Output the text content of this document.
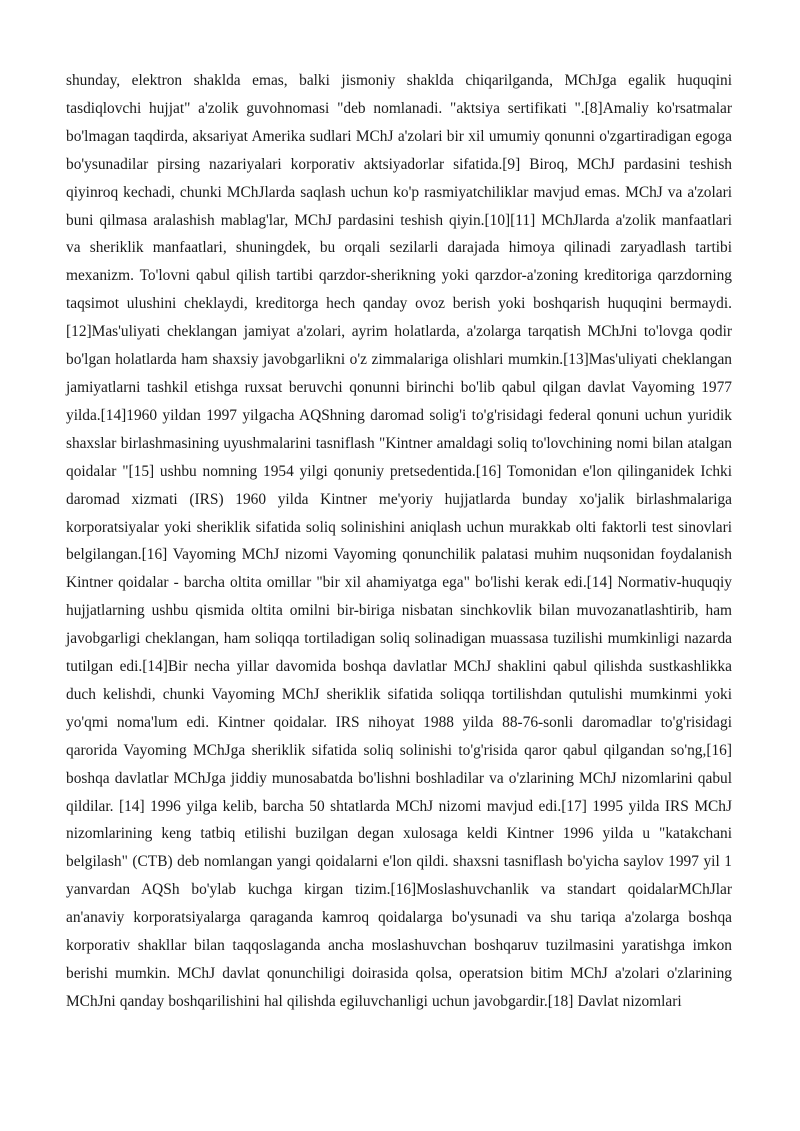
shunday, elektron shaklda emas, balki jismoniy shaklda chiqarilganda, MChJga egalik huquqini tasdiqlovchi hujjat" a'zolik guvohnomasi "deb nomlanadi. "aktsiya sertifikati ".[8]Amaliy ko'rsatmalar bo'lmagan taqdirda, aksariyat Amerika sudlari MChJ a'zolari bir xil umumiy qonunni o'zgartiradigan egoga bo'ysunadilar pirsing nazariyalari korporativ aktsiyadorlar sifatida.[9] Biroq, MChJ pardasini teshish qiyinroq kechadi, chunki MChJlarda saqlash uchun ko'p rasmiyatchiliklar mavjud emas. MChJ va a'zolari buni qilmasa aralashish mablag'lar, MChJ pardasini teshish qiyin.[10][11] MChJlarda a'zolik manfaatlari va sheriklik manfaatlari, shuningdek, bu orqali sezilarli darajada himoya qilinadi zaryadlash tartibi mexanizm. To'lovni qabul qilish tartibi qarzdor-sherikning yoki qarzdor-a'zoning kreditoriga qarzdorning taqsimot ulushini cheklaydi, kreditorga hech qanday ovoz berish yoki boshqarish huquqini bermaydi.[12]Mas'uliyati cheklangan jamiyat a'zolari, ayrim holatlarda, a'zolarga tarqatish MChJni to'lovga qodir bo'lgan holatlarda ham shaxsiy javobgarlikni o'z zimmalariga olishlari mumkin.[13]Mas'uliyati cheklangan jamiyatlarni tashkil etishga ruxsat beruvchi qonunni birinchi bo'lib qabul qilgan davlat Vayoming 1977 yilda.[14]1960 yildan 1997 yilgacha AQShning daromad solig'i to'g'risidagi federal qonuni uchun yuridik shaxslar birlashmasining uyushmalarini tasniflash "Kintner amaldagi soliq to'lovchining nomi bilan atalgan qoidalar "[15] ushbu nomning 1954 yilgi qonuniy pretsedentida.[16] Tomonidan e'lon qilinganidek Ichki daromad xizmati (IRS) 1960 yilda Kintner me'yoriy hujjatlarda bunday xo'jalik birlashmalariga korporatsiyalar yoki sheriklik sifatida soliq solinishini aniqlash uchun murakkab olti faktorli test sinovlari belgilangan.[16] Vayoming MChJ nizomi Vayoming qonunchilik palatasi muhim nuqsonidan foydalanish Kintner qoidalar - barcha oltita omillar "bir xil ahamiyatga ega" bo'lishi kerak edi.[14] Normativ-huquqiy hujjatlarning ushbu qismida oltita omilni bir-biriga nisbatan sinchkovlik bilan muvozanatlashtirib, ham javobgarligi cheklangan, ham soliqqa tortiladigan soliq solinadigan muassasa tuzilishi mumkinligi nazarda tutilgan edi.[14]Bir necha yillar davomida boshqa davlatlar MChJ shaklini qabul qilishda sustkashlikka duch kelishdi, chunki Vayoming MChJ sheriklik sifatida soliqqa tortilishdan qutulishi mumkinmi yoki yo'qmi noma'lum edi. Kintner qoidalar. IRS nihoyat 1988 yilda 88-76-sonli daromadlar to'g'risidagi qarorida Vayoming MChJga sheriklik sifatida soliq solinishi to'g'risida qaror qabul qilgandan so'ng,[16] boshqa davlatlar MChJga jiddiy munosabatda bo'lishni boshladilar va o'zlarining MChJ nizomlarini qabul qildilar. [14] 1996 yilga kelib, barcha 50 shtatlarda MChJ nizomi mavjud edi.[17] 1995 yilda IRS MChJ nizomlarining keng tatbiq etilishi buzilgan degan xulosaga keldi Kintner 1996 yilda u "katakchani belgilash" (CTB) deb nomlangan yangi qoidalarni e'lon qildi. shaxsni tasniflash bo'yicha saylov 1997 yil 1 yanvardan AQSh bo'ylab kuchga kirgan tizim.[16]Moslashuvchanlik va standart qoidalarMChJlar an'anaviy korporatsiyalarga qaraganda kamroq qoidalarga bo'ysunadi va shu tariqa a'zolarga boshqa korporativ shakllar bilan taqqoslaganda ancha moslashuvchan boshqaruv tuzilmasini yaratishga imkon berishi mumkin. MChJ davlat qonunchiligi doirasida qolsa, operatsion bitim MChJ a'zolari o'zlarining MChJni qanday boshqarilishini hal qilishda egiluvchanligi uchun javobgardir.[18] Davlat nizomlari
